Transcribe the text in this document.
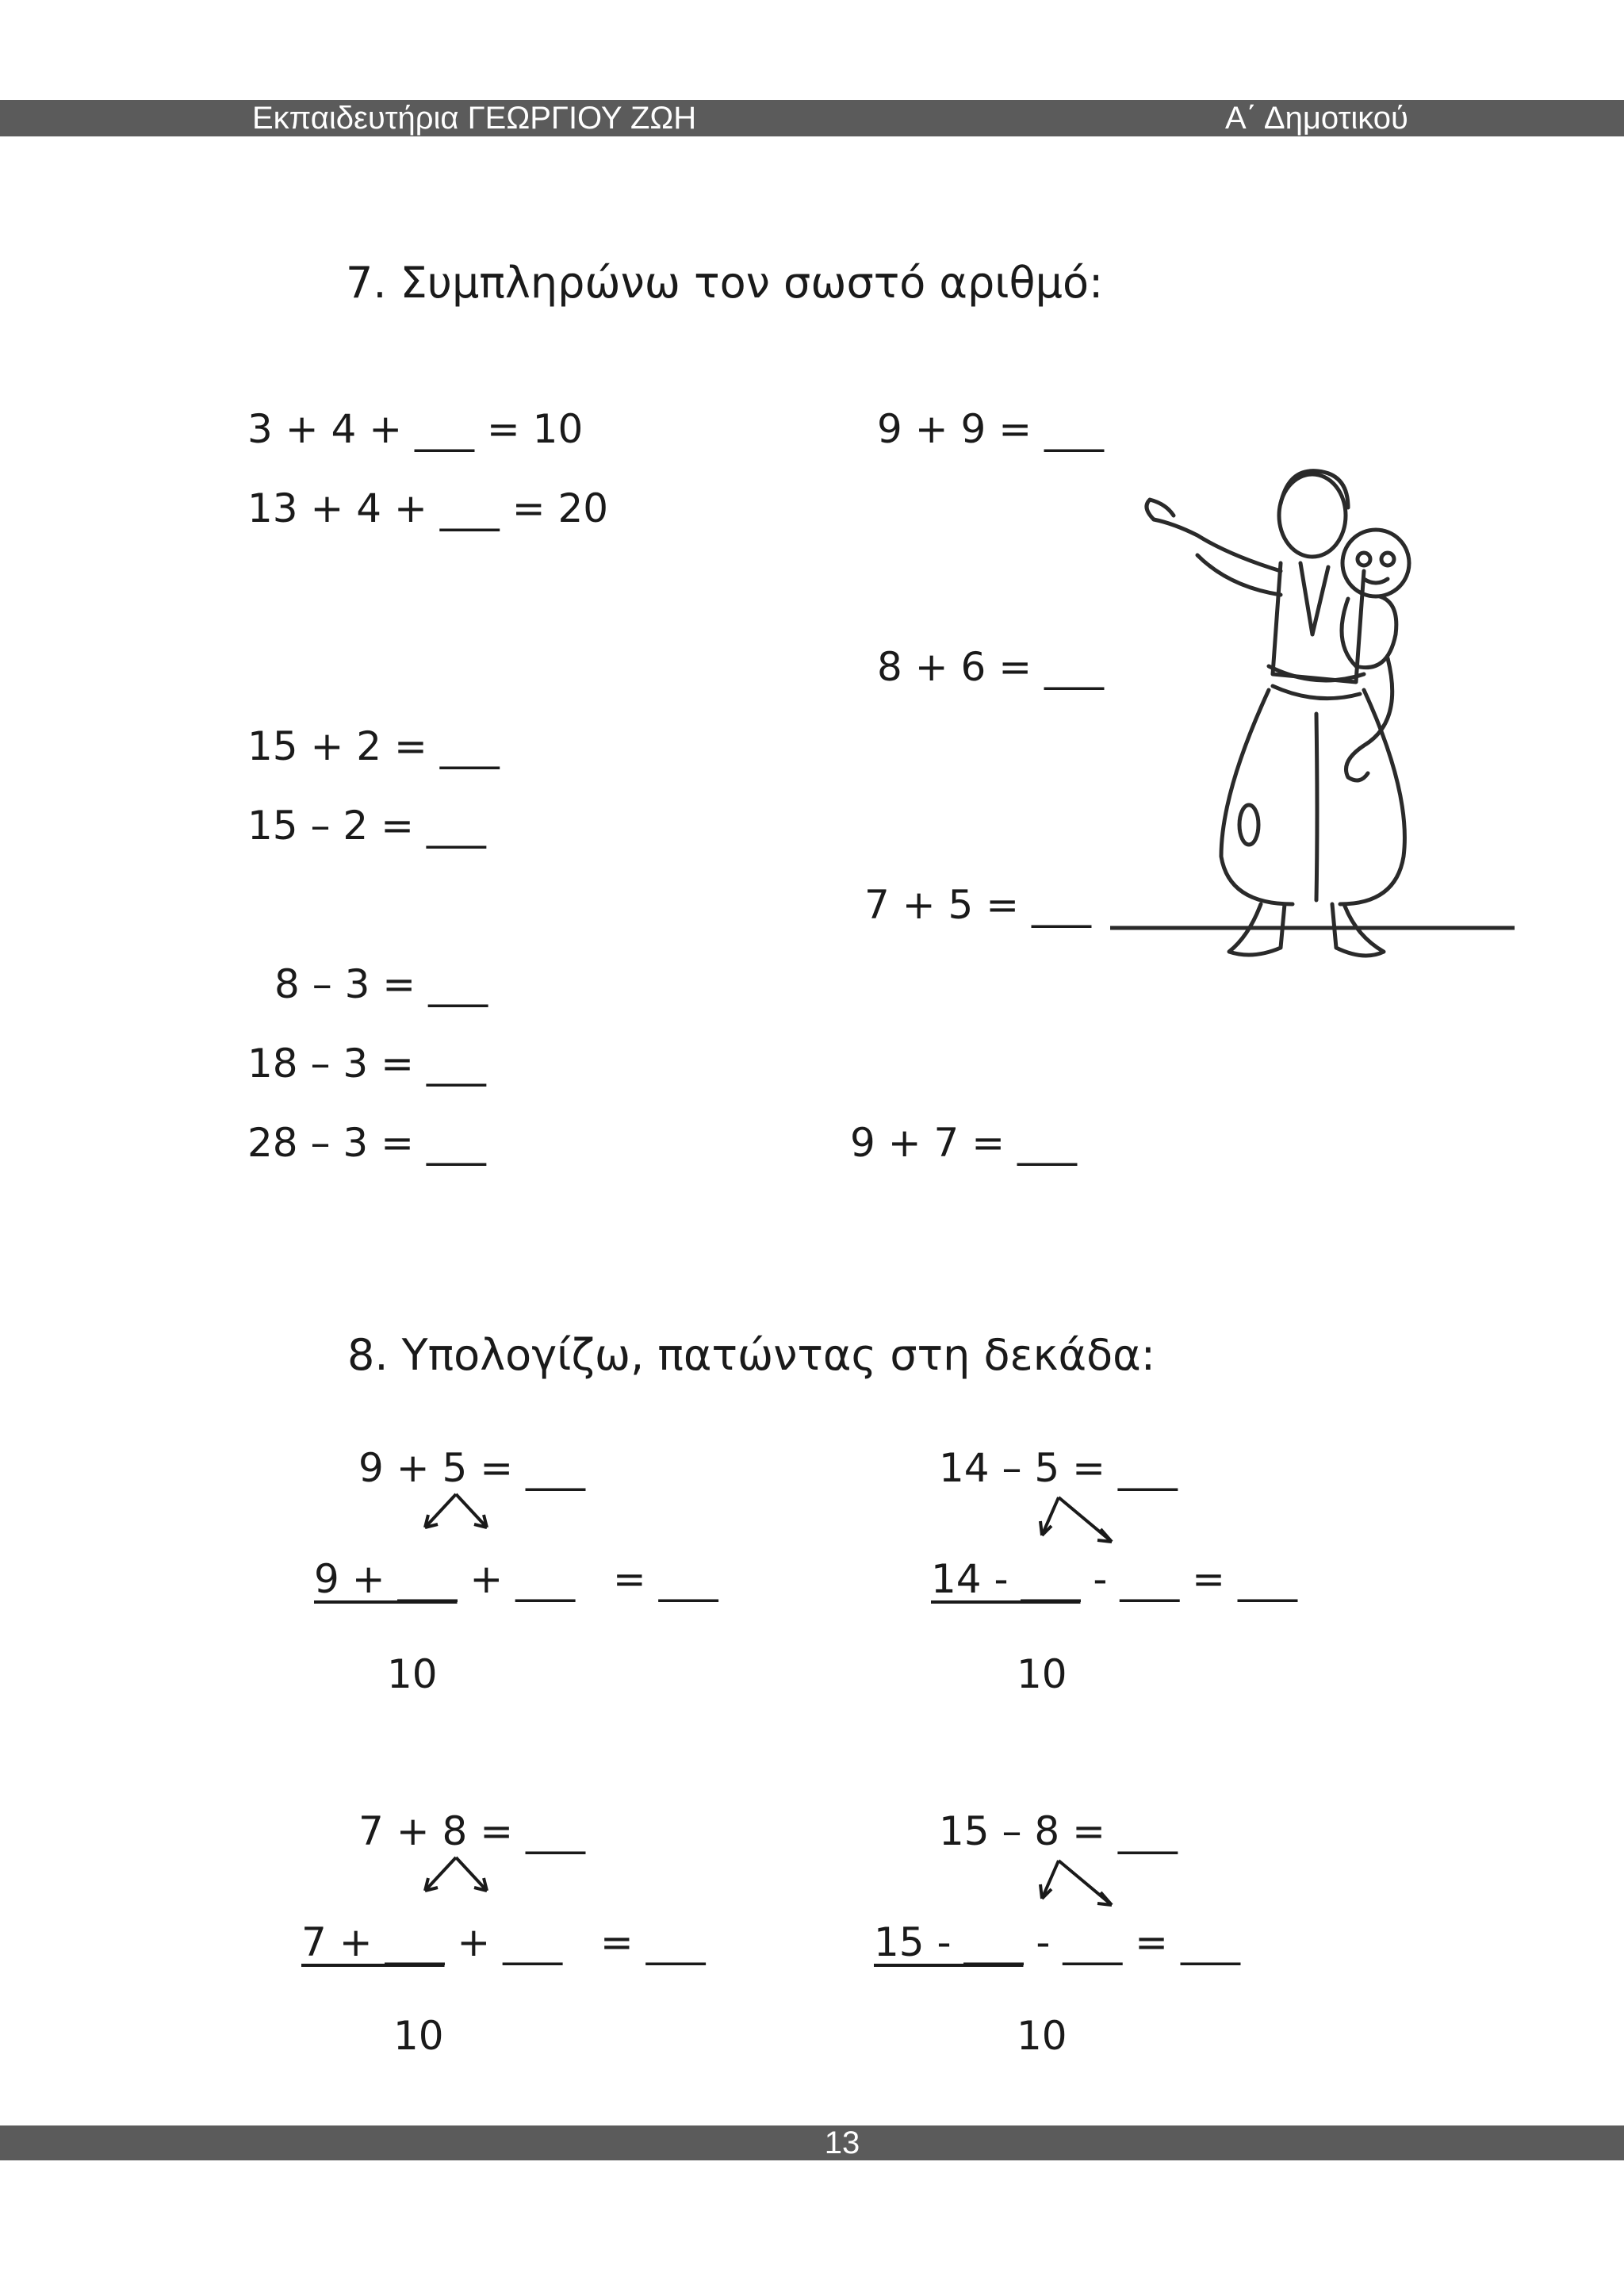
Εκπαιδευτήρια ΓΕΩΡΓΙΟΥ ΖΩΗ	Α΄ Δημοτικού
7. Συμπληρώνω τον σωστό αριθμό:
3 + 4 + ___ = 10
13 + 4 + ___ = 20
15 + 2 = ___
15 – 2 = ___
8 – 3 = ___
18 – 3 = ___
28 – 3 = ___
9 + 9 = ___
8 + 6 = ___
7 + 5 = ___
9 + 7 = ___
8. Υπολογίζω, πατώντας στη δεκάδα:
9 + 5 = ___
9 + ___ + ___   = ___
10
14 – 5 = ___
14 - ___ - ___ = ___
10
7 + 8 = ___
7 + ___ + ___   = ___
10
15 – 8 = ___
15 - ___ - ___ = ___
10
13
